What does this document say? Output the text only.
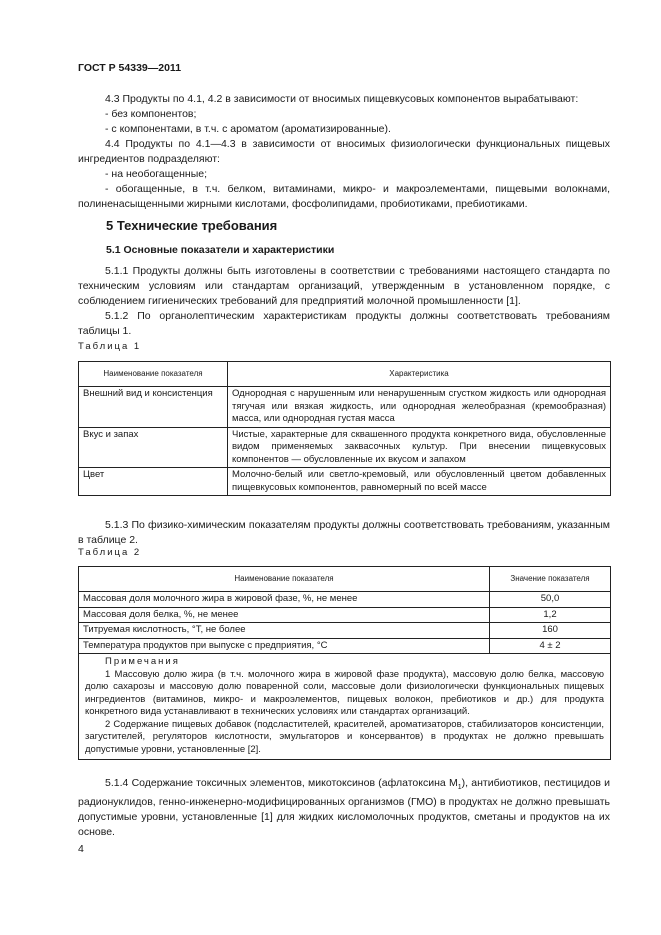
ГОСТ Р 54339—2011

4.3 Продукты по 4.1, 4.2 в зависимости от вносимых пищевкусовых компонентов вырабатывают:

- без компонентов;

- с компонентами, в т.ч. с ароматом (ароматизированные).

4.4 Продукты по 4.1—4.3 в зависимости от вносимых физиологически функциональных пищевых ингредиентов подразделяют:

- на необогащенные;

- обогащенные, в т.ч. белком, витаминами, микро- и макроэлементами, пищевыми волокнами, полиненасыщенными жирными кислотами, фосфолипидами, пробиотиками, пребиотиками.

5 Технические требования
5.1 Основные показатели и характеристики

5.1.1 Продукты должны быть изготовлены в соответствии с требованиями настоящего стандарта по техническим условиям или стандартам организаций, утвержденным в установленном порядке, с соблюдением гигиенических требований для предприятий молочной промышленности [1].

5.1.2 По органолептическим характеристикам продукты должны соответствовать требованиям таблицы 1.

Таблица 1
Наименование показателя	Характеристика
Внешний вид и консистенция	Однородная с нарушенным или ненарушенным сгустком жидкость или однородная тягучая или вязкая жидкость, или однородная желеобразная (кремообразная) масса, или однородная густая масса
Вкус и запах	Чистые, характерные для сквашенного продукта конкретного вида, обусловленные видом применяемых заквасочных культур. При внесении пищевкусовых компонентов — обусловленные их вкусом и запахом
Цвет	Молочно-белый или светло-кремовый, или обусловленный цветом добавленных пищевкусовых компонентов, равномерный по всей массе

5.1.3 По физико-химическим показателям продукты должны соответствовать требованиям, указанным в таблице 2.

Таблица 2
Наименование показателя	Значение показателя
Массовая доля молочного жира в жировой фазе, %, не менее	50,0
Массовая доля белка, %, не менее	1,2
Титруемая кислотность, °Т, не более	160
Температура продуктов при выпуске с предприятия, °С	4 ± 2

Примечания

1 Массовую долю жира (в т.ч. молочного жира в жировой фазе продукта), массовую долю белка, массовую долю сахарозы и массовую долю поваренной соли, массовые доли физиологически функциональных пищевых ингредиентов (витаминов, микро- и макроэлементов, пищевых волокон, пребиотиков и др.) для продукта конкретного вида устанавливают в технических условиях или стандартах организаций.

2 Содержание пищевых добавок (подсластителей, красителей, ароматизаторов, стабилизаторов консистенции, загустителей, регуляторов кислотности, эмульгаторов и консервантов) в продуктах не должно превышать допустимые уровни, установленные [2].	

5.1.4 Содержание токсичных элементов, микотоксинов (афлатоксина $M_1$), антибиотиков, пестицидов и радионуклидов, генно-инженерно-модифицированных организмов (ГМО) в продуктах не должно превышать допустимые уровни, установленные [1] для жидких кисломолочных продуктов, сметаны и продуктов на их основе.

4
